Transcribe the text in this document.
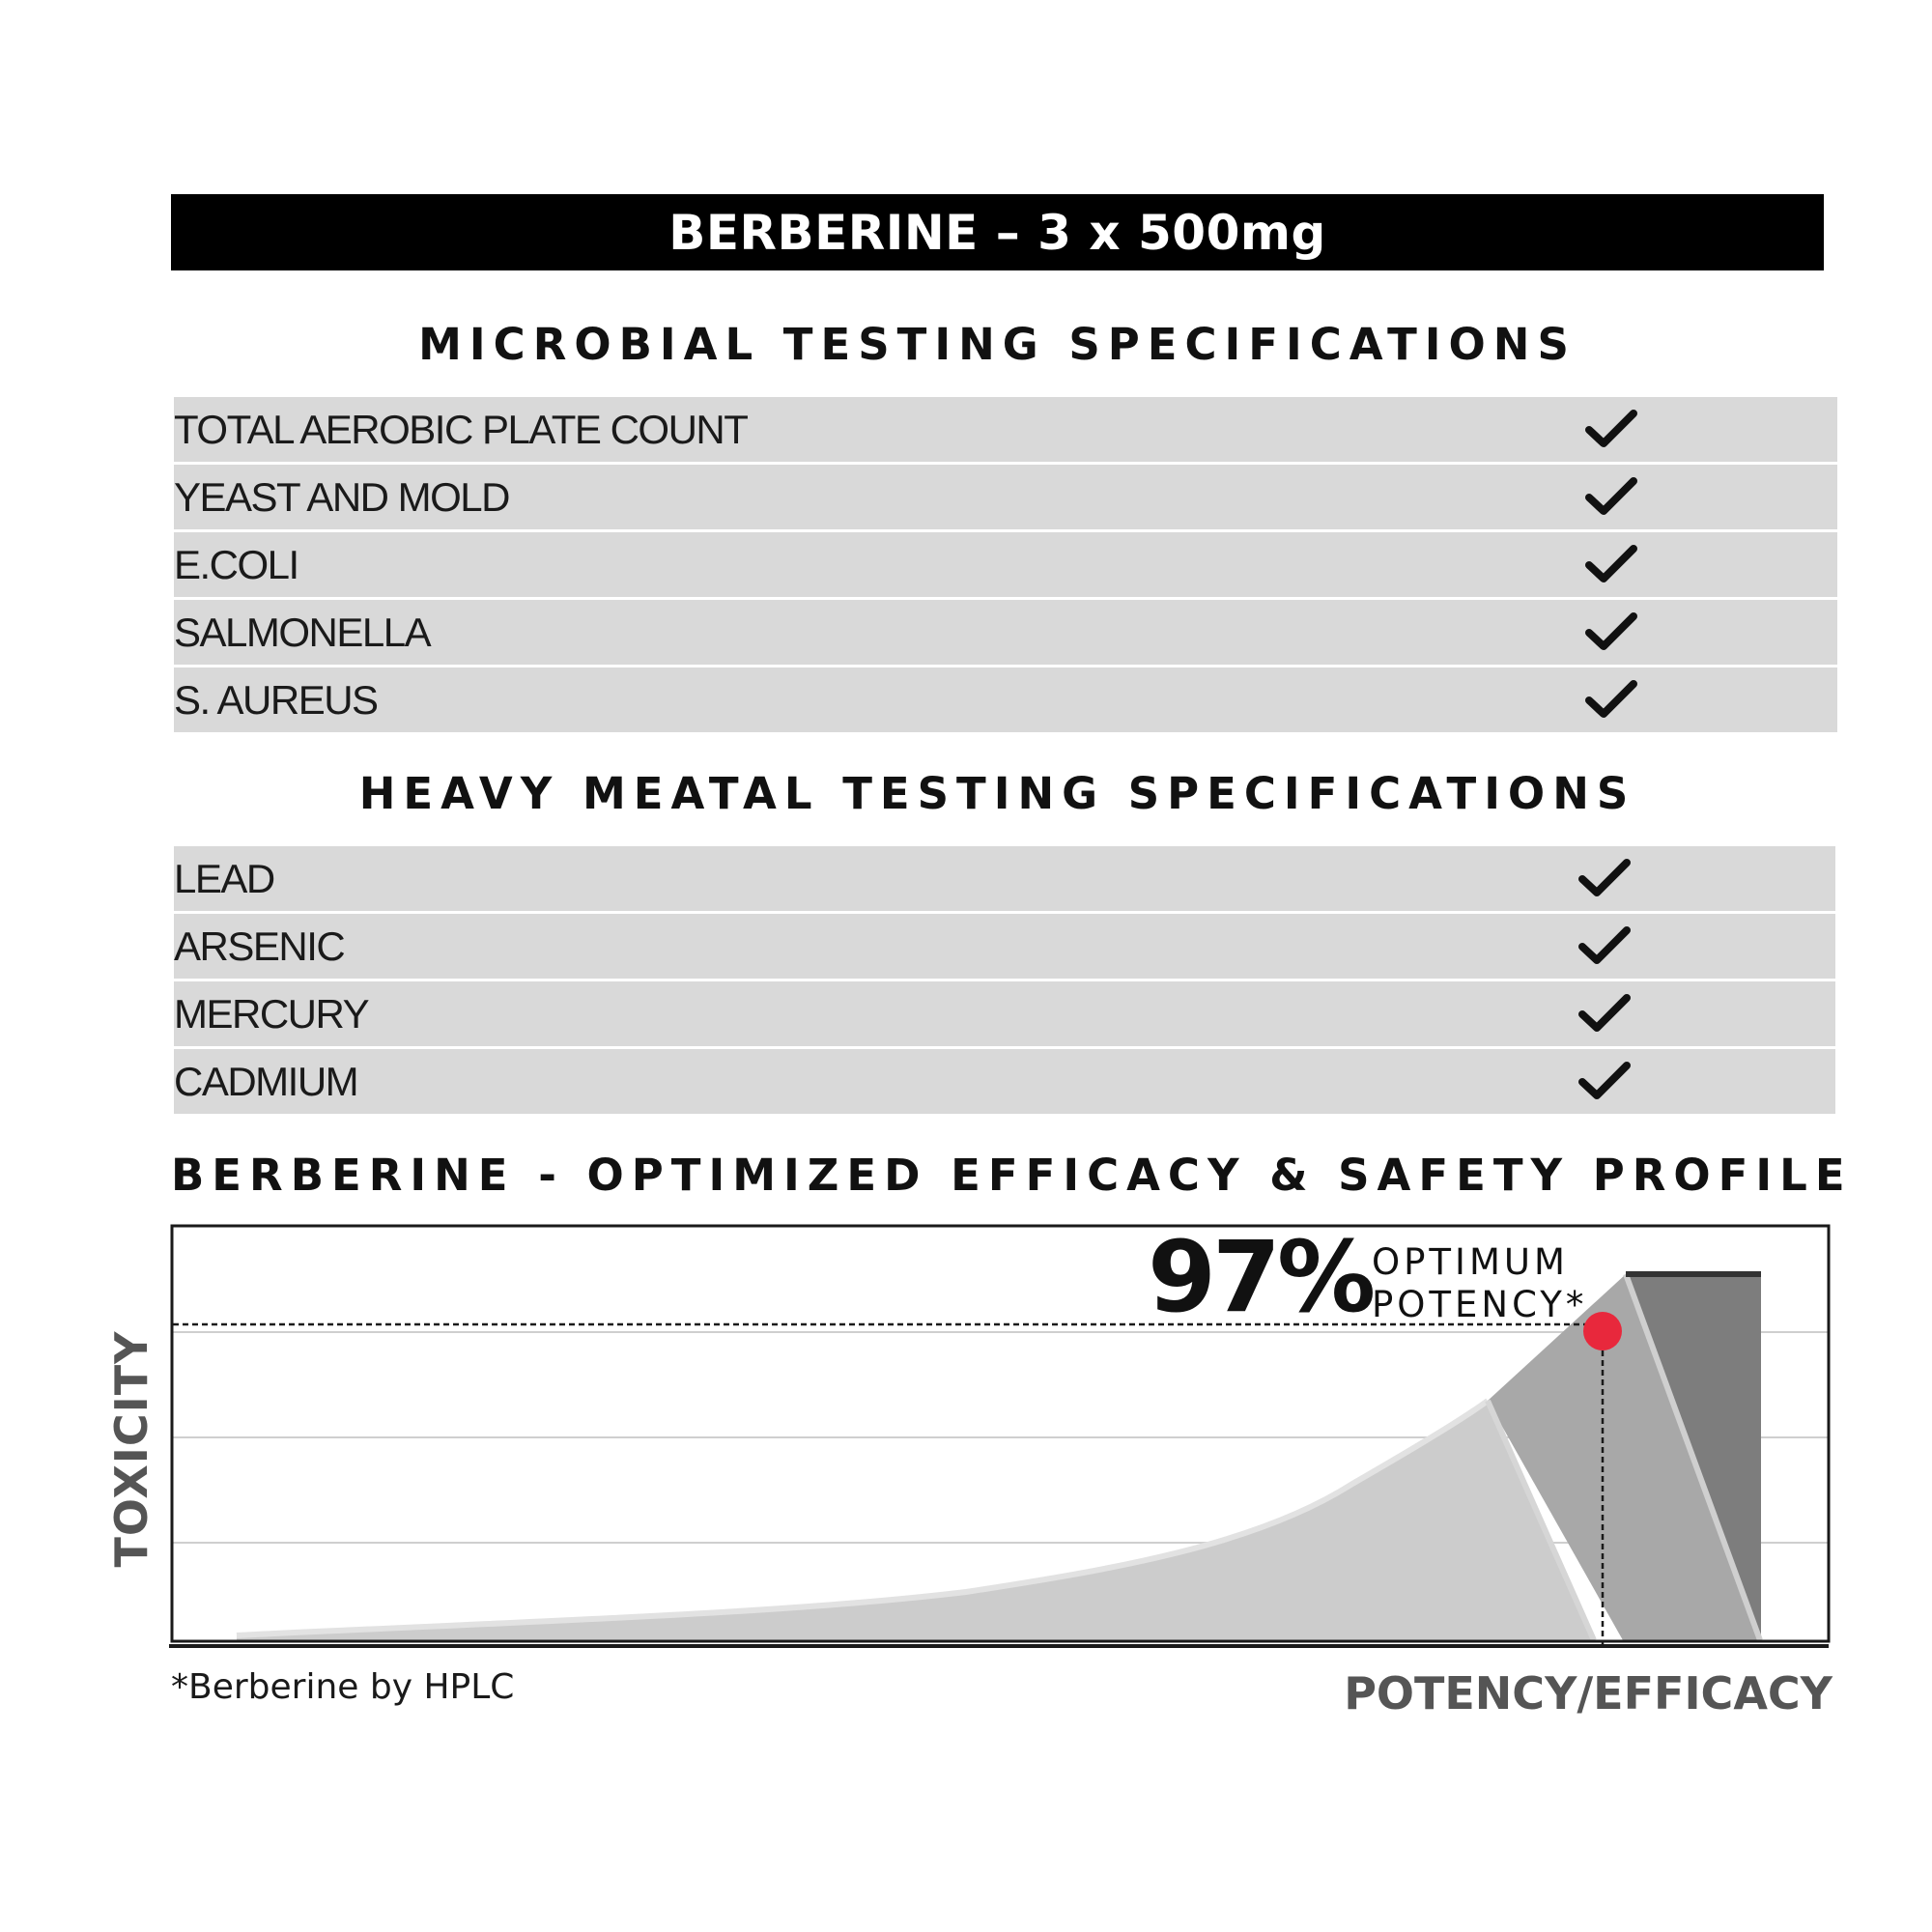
BERBERINE – 3 x 500mg
MICROBIAL TESTING SPECIFICATIONS
TOTAL AEROBIC PLATE COUNT
YEAST AND MOLD
E.COLI
SALMONELLA
S. AUREUS
HEAVY MEATAL TESTING SPECIFICATIONS
LEAD
ARSENIC
MERCURY
CADMIUM
BERBERINE - OPTIMIZED EFFICACY & SAFETY PROFILE
97% OPTIMUM
POTENCY*
TOXICITY
*Berberine by HPLC	POTENCY/EFFICACY
